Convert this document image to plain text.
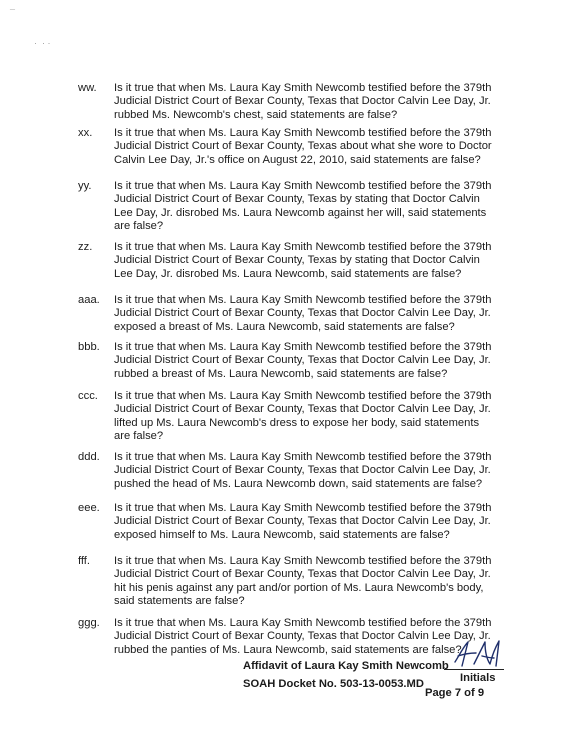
¯
·  · ·
ww.	Is it true that when Ms. Laura Kay Smith Newcomb testified before the 379th Judicial District Court of Bexar County, Texas that Doctor Calvin Lee Day, Jr. rubbed Ms. Newcomb's chest, said statements are false?
xx.	Is it true that when Ms. Laura Kay Smith Newcomb testified before the 379th Judicial District Court of Bexar County, Texas about what she wore to Doctor Calvin Lee Day, Jr.'s office on August 22, 2010, said statements are false?
yy.	Is it true that when Ms. Laura Kay Smith Newcomb testified before the 379th Judicial District Court of Bexar County, Texas by stating that Doctor Calvin Lee Day, Jr. disrobed Ms. Laura Newcomb against her will, said statements are false?
zz.	Is it true that when Ms. Laura Kay Smith Newcomb testified before the 379th Judicial District Court of Bexar County, Texas by stating that Doctor Calvin Lee Day, Jr. disrobed Ms. Laura Newcomb, said statements are false?
aaa.	Is it true that when Ms. Laura Kay Smith Newcomb testified before the 379th Judicial District Court of Bexar County, Texas that Doctor Calvin Lee Day, Jr. exposed a breast of Ms. Laura Newcomb, said statements are false?
bbb.	Is it true that when Ms. Laura Kay Smith Newcomb testified before the 379th Judicial District Court of Bexar County, Texas that Doctor Calvin Lee Day, Jr. rubbed a breast of Ms. Laura Newcomb, said statements are false?
ccc.	Is it true that when Ms. Laura Kay Smith Newcomb testified before the 379th Judicial District Court of Bexar County, Texas that Doctor Calvin Lee Day, Jr. lifted up Ms. Laura Newcomb's dress to expose her body, said statements are false?
ddd.	Is it true that when Ms. Laura Kay Smith Newcomb testified before the 379th Judicial District Court of Bexar County, Texas that Doctor Calvin Lee Day, Jr. pushed the head of Ms. Laura Newcomb down, said statements are false?
eee.	Is it true that when Ms. Laura Kay Smith Newcomb testified before the 379th Judicial District Court of Bexar County, Texas that Doctor Calvin Lee Day, Jr. exposed himself to Ms. Laura Newcomb, said statements are false?
fff.	Is it true that when Ms. Laura Kay Smith Newcomb testified before the 379th Judicial District Court of Bexar County, Texas that Doctor Calvin Lee Day, Jr. hit his penis against any part and/or portion of Ms. Laura Newcomb's body, said statements are false?
ggg.	Is it true that when Ms. Laura Kay Smith Newcomb testified before the 379th Judicial District Court of Bexar County, Texas that Doctor Calvin Lee Day, Jr. rubbed the panties of Ms. Laura Newcomb, said statements are false?
Affidavit of Laura Kay Smith Newcomb
Initials
SOAH Docket No. 503-13-0053.MD
Page 7 of 9
